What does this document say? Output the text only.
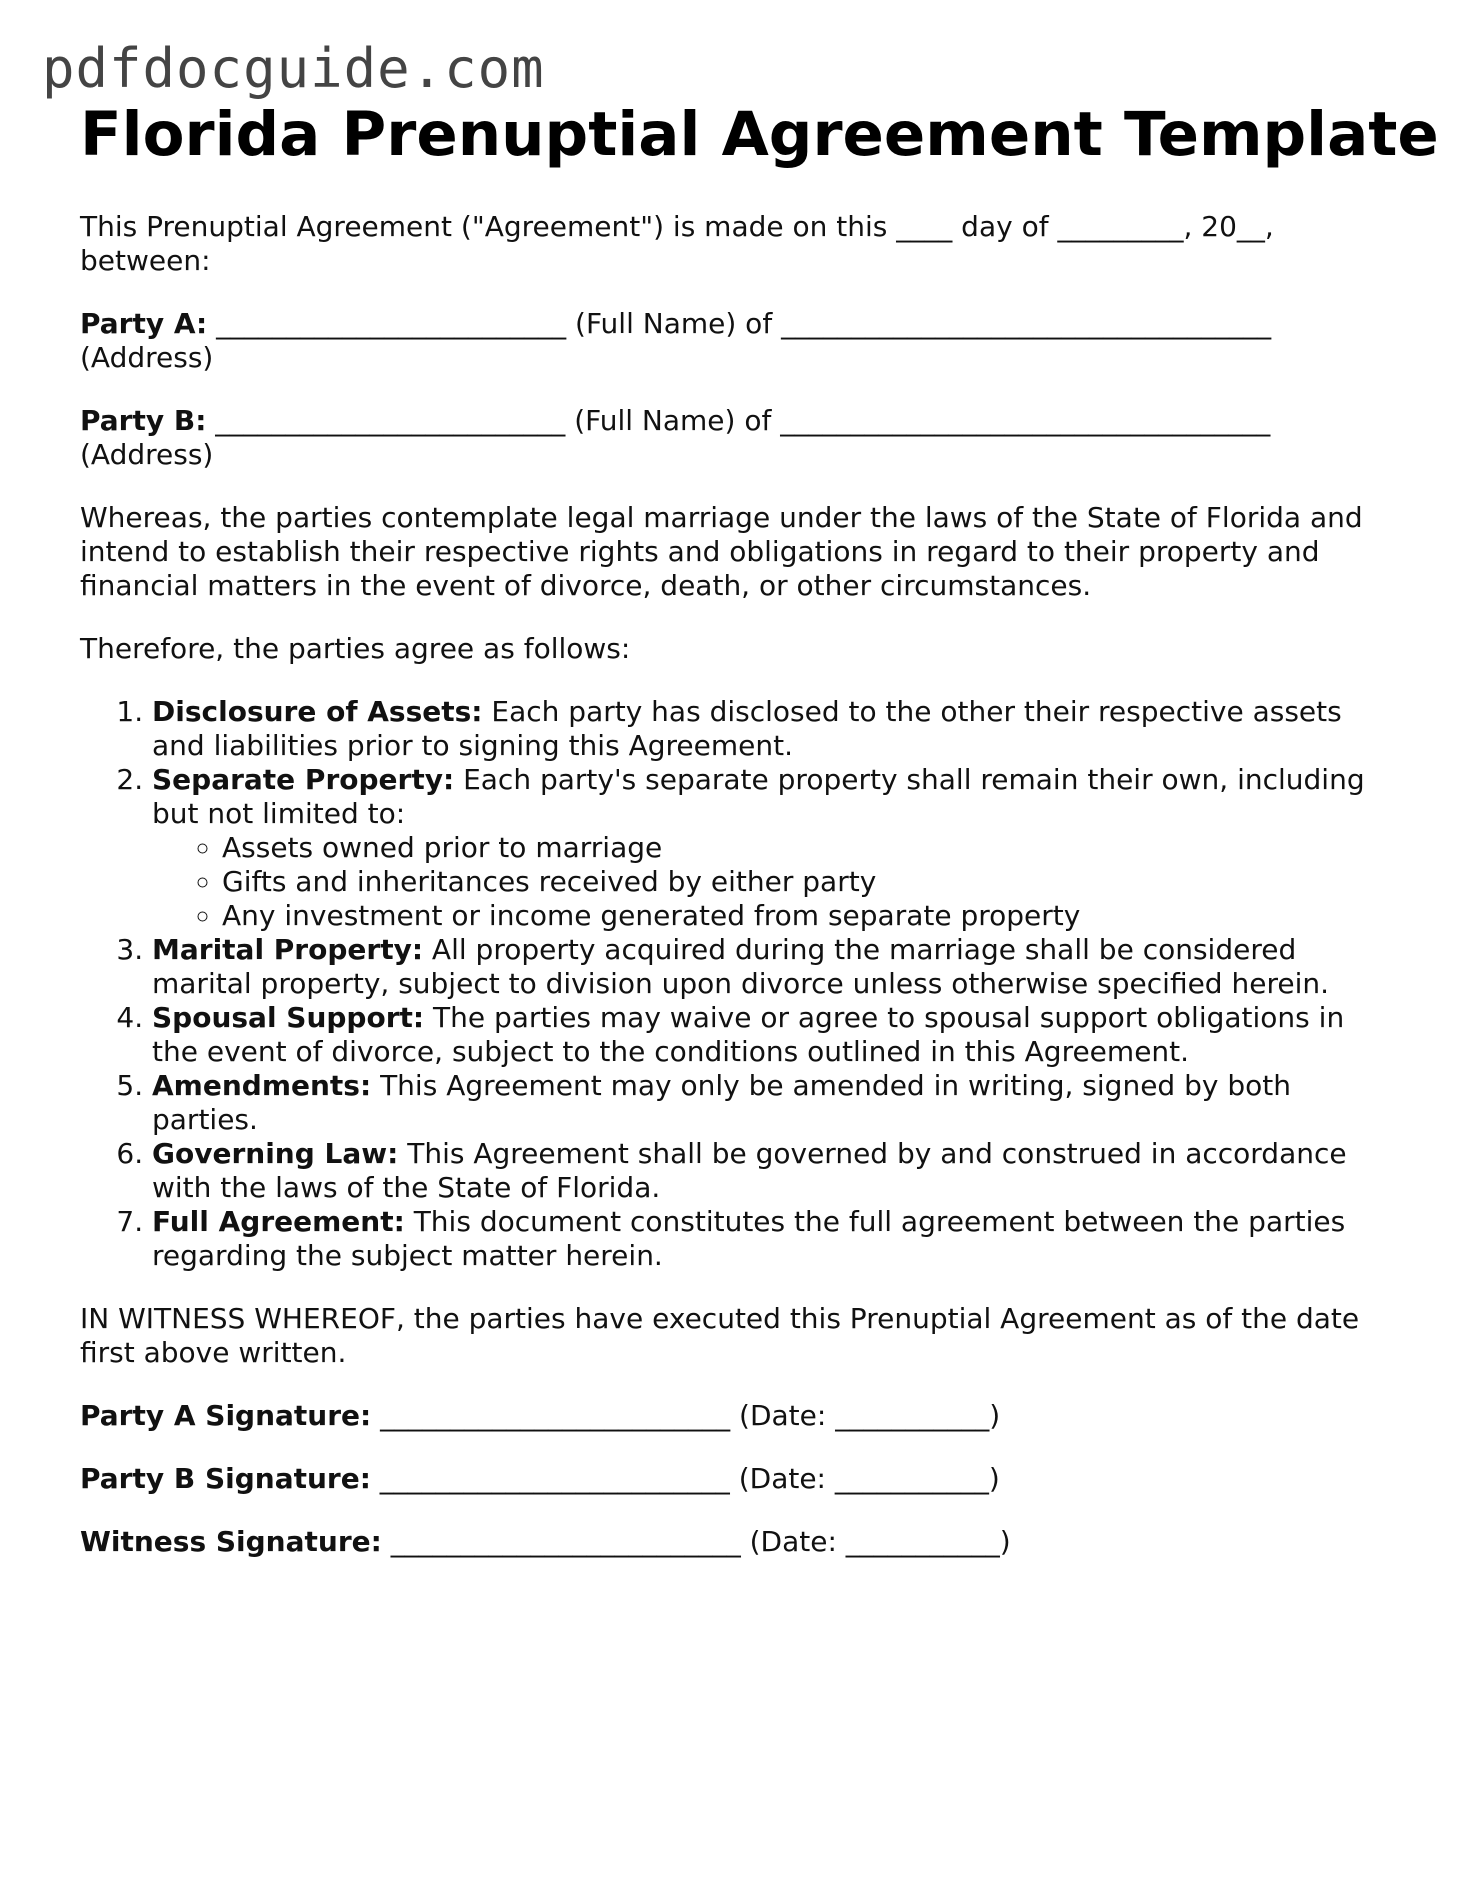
pdfdocguide.com
Florida Prenuptial Agreement Template

This Prenuptial Agreement ("Agreement") is made on this ____ day of _________, 20__, between:

Party A: _________________________ (Full Name) of ___________________________________ (Address)

Party B: _________________________ (Full Name) of ___________________________________ (Address)

Whereas, the parties contemplate legal marriage under the laws of the State of Florida and intend to establish their respective rights and obligations in regard to their property and financial matters in the event of divorce, death, or other circumstances.

Therefore, the parties agree as follows:

1. Disclosure of Assets: Each party has disclosed to the other their respective assets and liabilities prior to signing this Agreement.
2. Separate Property: Each party's separate property shall remain their own, including but not limited to:
◦ Assets owned prior to marriage
◦ Gifts and inheritances received by either party
◦ Any investment or income generated from separate property
3. Marital Property: All property acquired during the marriage shall be considered marital property, subject to division upon divorce unless otherwise specified herein.
4. Spousal Support: The parties may waive or agree to spousal support obligations in the event of divorce, subject to the conditions outlined in this Agreement.
5. Amendments: This Agreement may only be amended in writing, signed by both parties.
6. Governing Law: This Agreement shall be governed by and construed in accordance with the laws of the State of Florida.
7. Full Agreement: This document constitutes the full agreement between the parties regarding the subject matter herein.

IN WITNESS WHEREOF, the parties have executed this Prenuptial Agreement as of the date first above written.

Party A Signature: _________________________ (Date: ___________)

Party B Signature: _________________________ (Date: ___________)

Witness Signature: _________________________ (Date: ___________)
